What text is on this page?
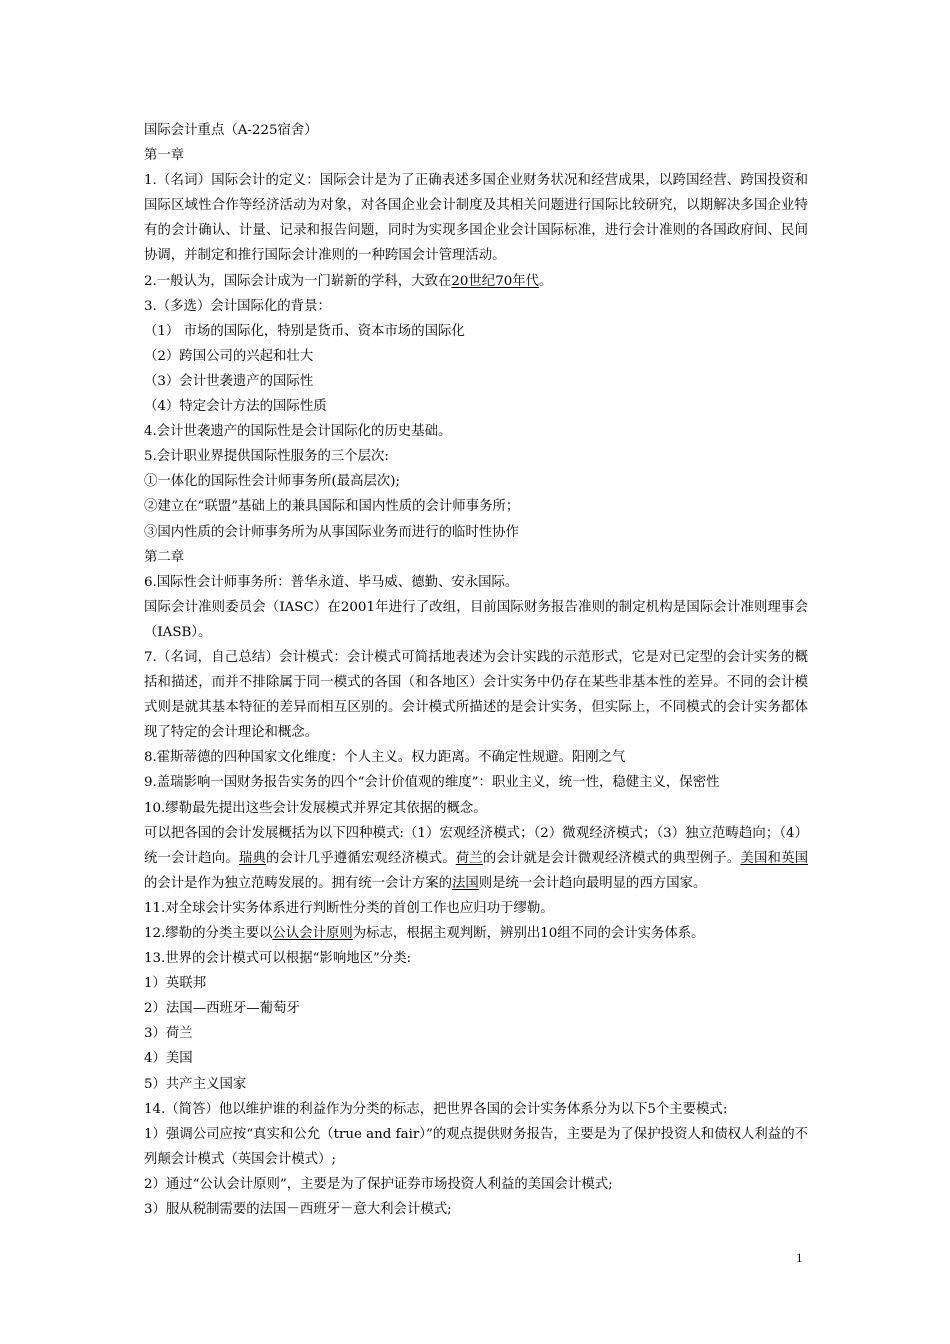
国际会计重点（A-225宿舍）

第一章

1.（名词）国际会计的定义：国际会计是为了正确表述多国企业财务状况和经营成果，以跨国经营、跨国投资和国际区域性合作等经济活动为对象，对各国企业会计制度及其相关问题进行国际比较研究，以期解决多国企业特有的会计确认、计量、记录和报告问题，同时为实现多国企业会计国际标准，进行会计准则的各国政府间、民间协调，并制定和推行国际会计准则的一种跨国会计管理活动。

2.一般认为，国际会计成为一门崭新的学科，大致在20世纪70年代。

3.（多选）会计国际化的背景：

（1） 市场的国际化，特别是货币、资本市场的国际化

（2）跨国公司的兴起和壮大

（3）会计世袭遗产的国际性

（4）特定会计方法的国际性质

4.会计世袭遗产的国际性是会计国际化的历史基础。

5.会计职业界提供国际性服务的三个层次:

①一体化的国际性会计师事务所(最高层次);

②建立在“联盟”基础上的兼具国际和国内性质的会计师事务所；

③国内性质的会计师事务所为从事国际业务而进行的临时性协作

第二章

6.国际性会计师事务所：普华永道、毕马威、德勤、安永国际。

国际会计准则委员会（IASC）在2001年进行了改组，目前国际财务报告准则的制定机构是国际会计准则理事会（IASB）。

7.（名词，自己总结）会计模式：会计模式可简括地表述为会计实践的示范形式，它是对已定型的会计实务的概括和描述，而并不排除属于同一模式的各国（和各地区）会计实务中仍存在某些非基本性的差异。不同的会计模式则是就其基本特征的差异而相互区别的。会计模式所描述的是会计实务，但实际上，不同模式的会计实务都体现了特定的会计理论和概念。

8.霍斯蒂德的四种国家文化维度：个人主义。权力距离。不确定性规避。阳刚之气

9.盖瑞影响一国财务报告实务的四个“会计价值观的维度”：职业主义，统一性，稳健主义，保密性

10.缪勒最先提出这些会计发展模式并界定其依据的概念。

可以把各国的会计发展概括为以下四种模式:（1）宏观经济模式；（2）微观经济模式；（3）独立范畴趋向；（4）统一会计趋向。瑞典的会计几乎遵循宏观经济模式。荷兰的会计就是会计微观经济模式的典型例子。美国和英国的会计是作为独立范畴发展的。拥有统一会计方案的法国则是统一会计趋向最明显的西方国家。

11.对全球会计实务体系进行判断性分类的首创工作也应归功于缪勒。

12.缪勒的分类主要以公认会计原则为标志，根据主观判断，辨别出10组不同的会计实务体系。

13.世界的会计模式可以根据“影响地区”分类:

1）英联邦

2）法国—西班牙—葡萄牙

3）荷兰

4）美国

5）共产主义国家

14.（简答）他以维护谁的利益作为分类的标志，把世界各国的会计实务体系分为以下5个主要模式:

1）强调公司应按“真实和公允（true and fair）”的观点提供财务报告，主要是为了保护投资人和债权人利益的不列颠会计模式（英国会计模式）;

2）通过“公认会计原则”，主要是为了保护证券市场投资人利益的美国会计模式;

3）服从税制需要的法国－西班牙－意大利会计模式;

1
